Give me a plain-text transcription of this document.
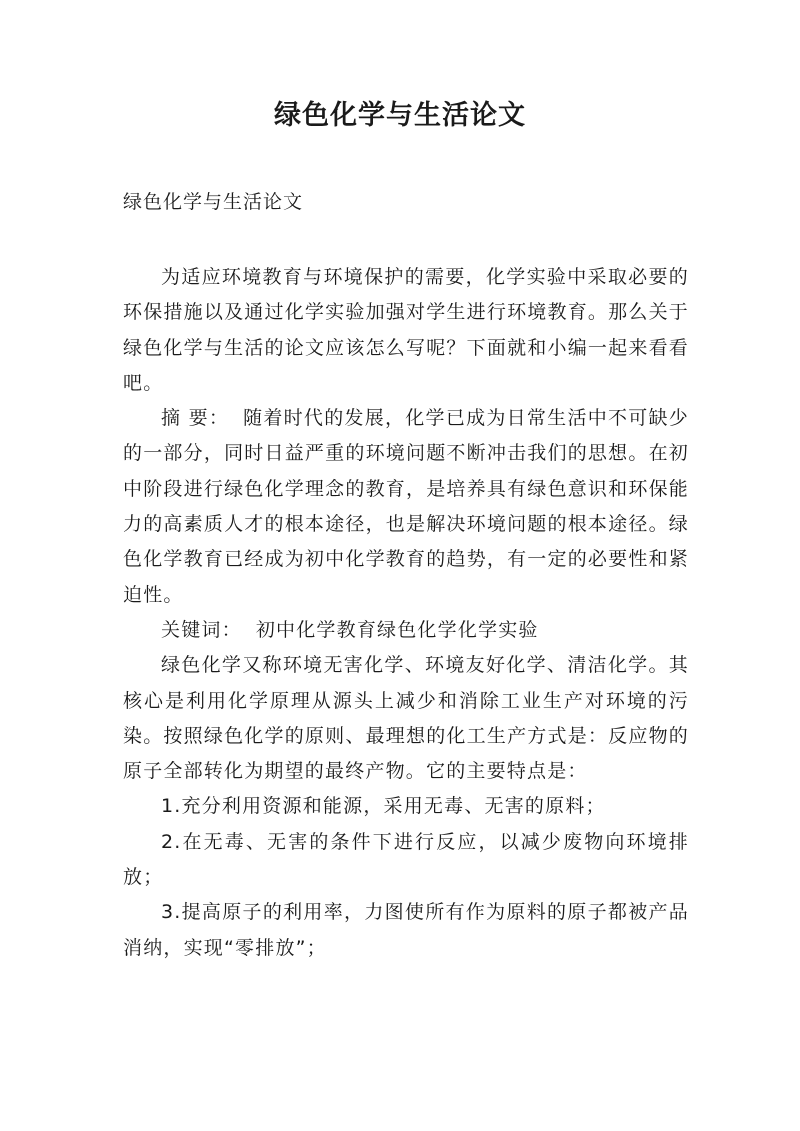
绿色化学与生活论文

绿色化学与生活论文

为适应环境教育与环境保护的需要，化学实验中采取必要的环保措施以及通过化学实验加强对学生进行环境教育。那么关于绿色化学与生活的论文应该怎么写呢？下面就和小编一起来看看吧。

摘 要： 随着时代的发展，化学已成为日常生活中不可缺少的一部分，同时日益严重的环境问题不断冲击我们的思想。在初中阶段进行绿色化学理念的教育，是培养具有绿色意识和环保能力的高素质人才的根本途径，也是解决环境问题的根本途径。绿色化学教育已经成为初中化学教育的趋势，有一定的必要性和紧迫性。

关键词： 初中化学教育绿色化学化学实验

绿色化学又称环境无害化学、环境友好化学、清洁化学。其核心是利用化学原理从源头上减少和消除工业生产对环境的污染。按照绿色化学的原则、最理想的化工生产方式是：反应物的原子全部转化为期望的最终产物。它的主要特点是：

1.充分利用资源和能源，采用无毒、无害的原料；

2.在无毒、无害的条件下进行反应，以减少废物向环境排放；

3.提高原子的利用率，力图使所有作为原料的原子都被产品消纳，实现“零排放”；
